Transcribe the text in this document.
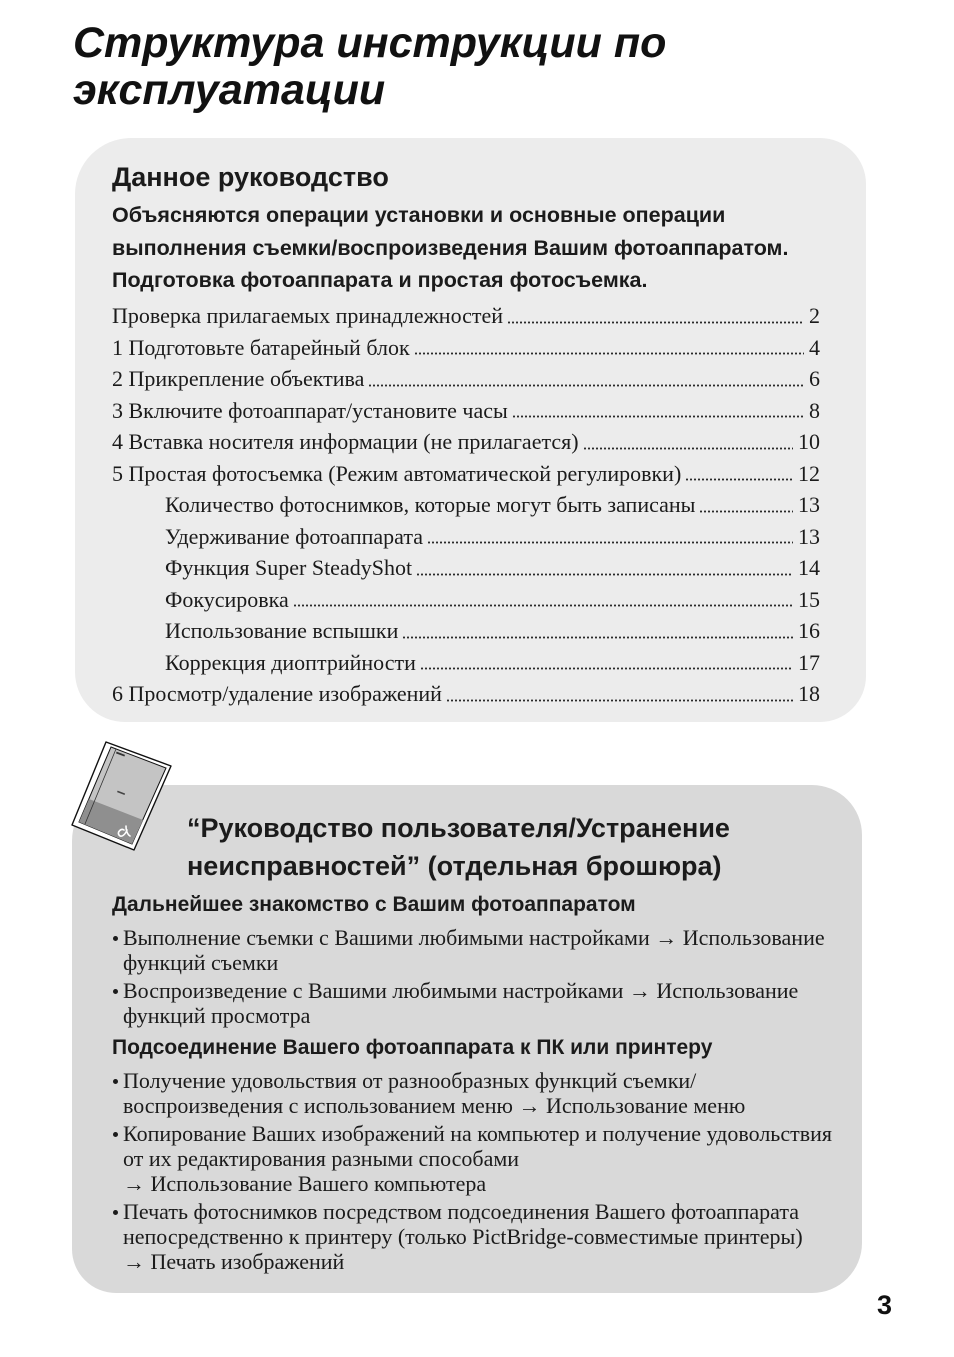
Структура инструкции по
эксплуатации
Данное руководство
Объясняются операции установки и основные операции
выполнения съемки/воспроизведения Вашим фотоаппаратом.
Подготовка фотоаппарата и простая фотосъемка.
Проверка прилагаемых принадлежностей	2
1 Подготовьте батарейный блок	4
2 Прикрепление объектива	6
3 Включите фотоаппарат/установите часы	8
4 Вставка носителя информации (не прилагается)	10
5 Простая фотосъемка (Режим автоматической регулировки)	12
Количество фотоснимков, которые могут быть записаны	13
Удерживание фотоаппарата	13
Функция Super SteadyShot	14
Фокусировка	15
Использование вспышки	16
Коррекция диоптрийности	17
6 Просмотр/удаление изображений	18
“Руководство пользователя/Устранение
неисправностей” (отдельная брошюра)
Дальнейшее знакомство с Вашим фотоаппаратом
Выполнение съемки с Вашими любимыми настройками → Использование
функций съемки
Воспроизведение с Вашими любимыми настройками → Использование
функций просмотра
Подсоединение Вашего фотоаппарата к ПК или принтеру
Получение удовольствия от разнообразных функций съемки/
воспроизведения с использованием меню → Использование меню
Копирование Ваших изображений на компьютер и получение удовольствия
от их редактирования разными способами
→ Использование Вашего компьютера
Печать фотоснимков посредством подсоединения Вашего фотоаппарата
непосредственно к принтеру (только PictBridge-совместимые принтеры)
→ Печать изображений
3
